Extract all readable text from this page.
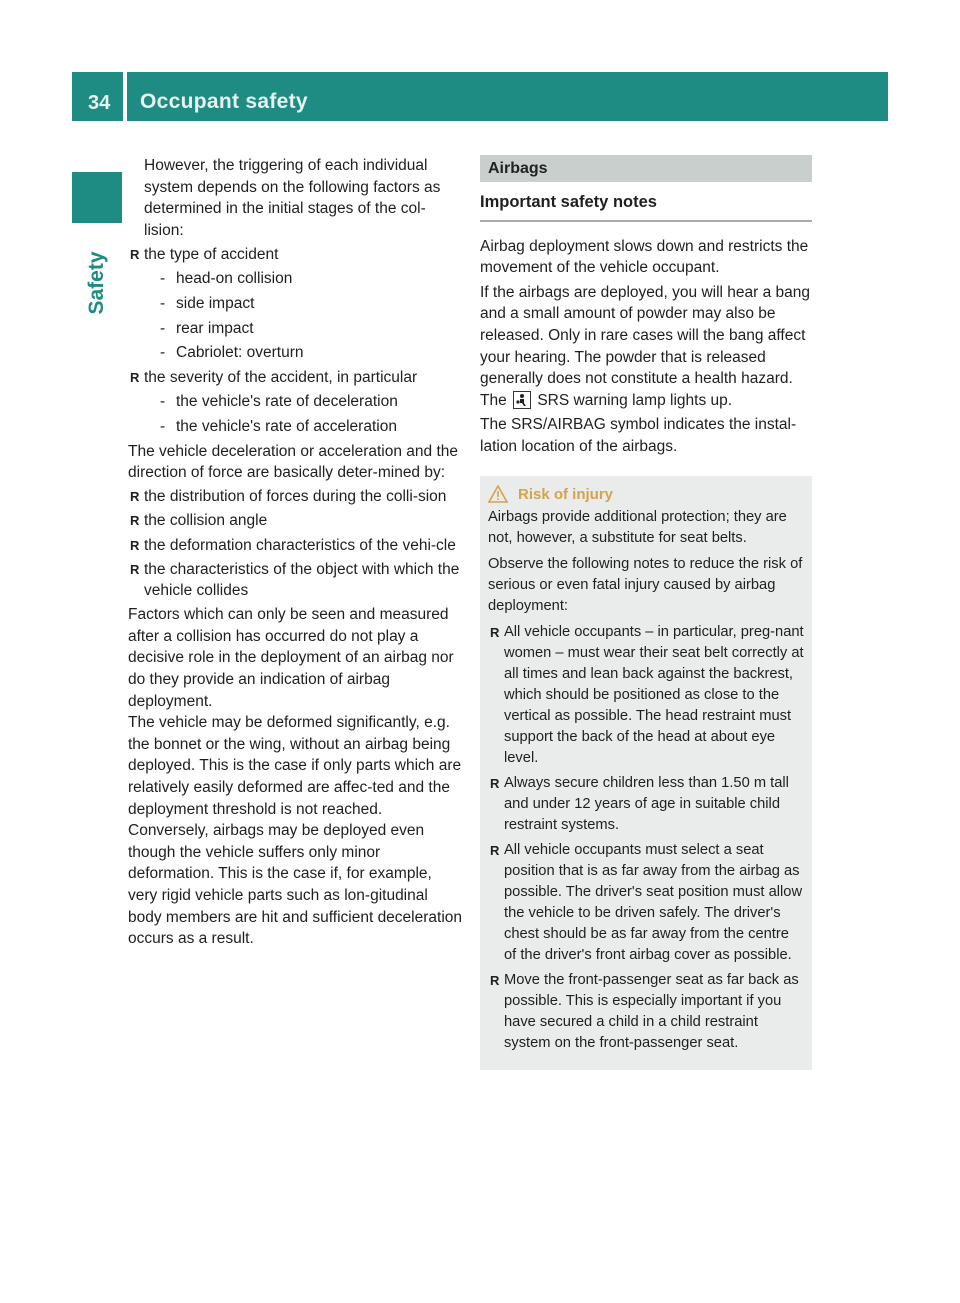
34 Occupant safety
Safety

However, the triggering of each individual system depends on the following factors as determined in the initial stages of the col-lision:

R the type of accident

- head-on collision

- side impact

- rear impact

- Cabriolet: overturn

R the severity of the accident, in particular

- the vehicle's rate of deceleration

- the vehicle's rate of acceleration

The vehicle deceleration or acceleration and the direction of force are basically deter-mined by:

R the distribution of forces during the colli-sion

R the collision angle

R the deformation characteristics of the vehi-cle

R the characteristics of the object with which the vehicle collides

Factors which can only be seen and measured after a collision has occurred do not play a decisive role in the deployment of an airbag nor do they provide an indication of airbag deployment.

The vehicle may be deformed significantly, e.g. the bonnet or the wing, without an airbag being deployed. This is the case if only parts which are relatively easily deformed are affec-ted and the deployment threshold is not reached. Conversely, airbags may be deployed even though the vehicle suffers only minor deformation. This is the case if, for example, very rigid vehicle parts such as lon-gitudinal body members are hit and sufficient deceleration occurs as a result.

Airbags
Important safety notes

Airbag deployment slows down and restricts the movement of the vehicle occupant.

If the airbags are deployed, you will hear a bang and a small amount of powder may also be released. Only in rare cases will the bang affect your hearing. The powder that is released generally does not constitute a health hazard. The SRS warning lamp lights up.

The SRS/AIRBAG symbol indicates the instal-lation location of the airbags.

Risk of injury

Airbags provide additional protection; they are not, however, a substitute for seat belts.

Observe the following notes to reduce the risk of serious or even fatal injury caused by airbag deployment:

R All vehicle occupants – in particular, preg-nant women – must wear their seat belt correctly at all times and lean back against the backrest, which should be positioned as close to the vertical as possible. The head restraint must support the back of the head at about eye level.

R Always secure children less than 1.50 m tall and under 12 years of age in suitable child restraint systems.

R All vehicle occupants must select a seat position that is as far away from the airbag as possible. The driver's seat position must allow the vehicle to be driven safely. The driver's chest should be as far away from the centre of the driver's front airbag cover as possible.

R Move the front-passenger seat as far back as possible. This is especially important if you have secured a child in a child restraint system on the front-passenger seat.
